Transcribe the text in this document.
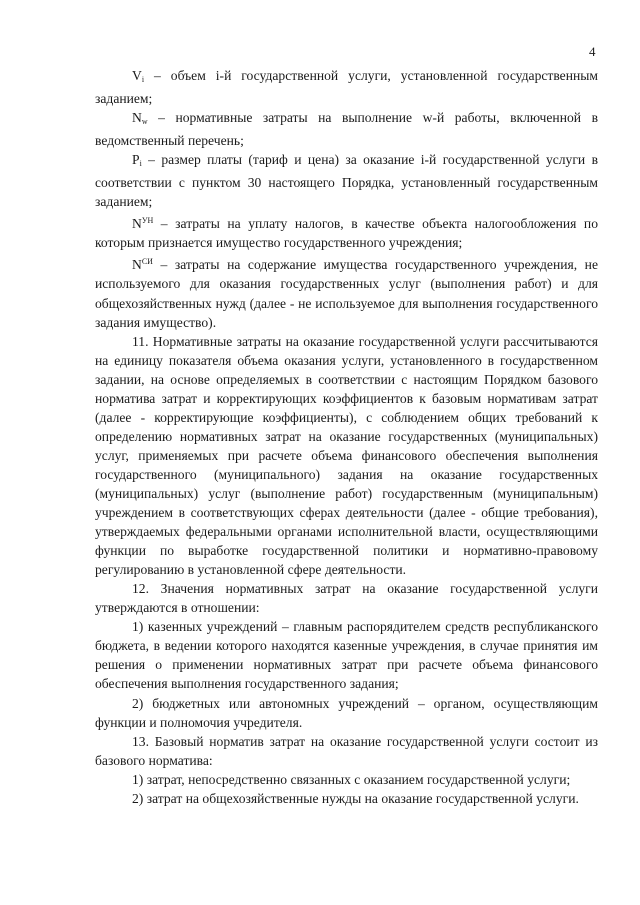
4

$V_i$ – объем i-й государственной услуги, установленной государственным заданием;

$N_w$ – нормативные затраты на выполнение w-й работы, включенной в ведомственный перечень;

$P_i$ – размер платы (тариф и цена) за оказание i-й государственной услуги в соответствии с пунктом 30 настоящего Порядка, установленный государственным заданием;

$N^{УН}$ – затраты на уплату налогов, в качестве объекта налогообложения по которым признается имущество государственного учреждения;

$N^{СИ}$ – затраты на содержание имущества государственного учреждения, не используемого для оказания государственных услуг (выполнения работ) и для общехозяйственных нужд (далее - не используемое для выполнения государственного задания имущество).

11. Нормативные затраты на оказание государственной услуги рассчитываются на единицу показателя объема оказания услуги, установленного в государственном задании, на основе определяемых в соответствии с настоящим Порядком базового норматива затрат и корректирующих коэффициентов к базовым нормативам затрат (далее - корректирующие коэффициенты), с соблюдением общих требований к определению нормативных затрат на оказание государственных (муниципальных) услуг, применяемых при расчете объема финансового обеспечения выполнения государственного (муниципального) задания на оказание государственных (муниципальных) услуг (выполнение работ) государственным (муниципальным) учреждением в соответствующих сферах деятельности (далее - общие требования), утверждаемых федеральными органами исполнительной власти, осуществляющими функции по выработке государственной политики и нормативно-правовому регулированию в установленной сфере деятельности.

12. Значения нормативных затрат на оказание государственной услуги утверждаются в отношении:

1) казенных учреждений – главным распорядителем средств республиканского бюджета, в ведении которого находятся казенные учреждения, в случае принятия им решения о применении нормативных затрат при расчете объема финансового обеспечения выполнения государственного задания;

2) бюджетных или автономных учреждений – органом, осуществляющим функции и полномочия учредителя.

13. Базовый норматив затрат на оказание государственной услуги состоит из базового норматива:

1) затрат, непосредственно связанных с оказанием государственной услуги;

2) затрат на общехозяйственные нужды на оказание государственной услуги.
